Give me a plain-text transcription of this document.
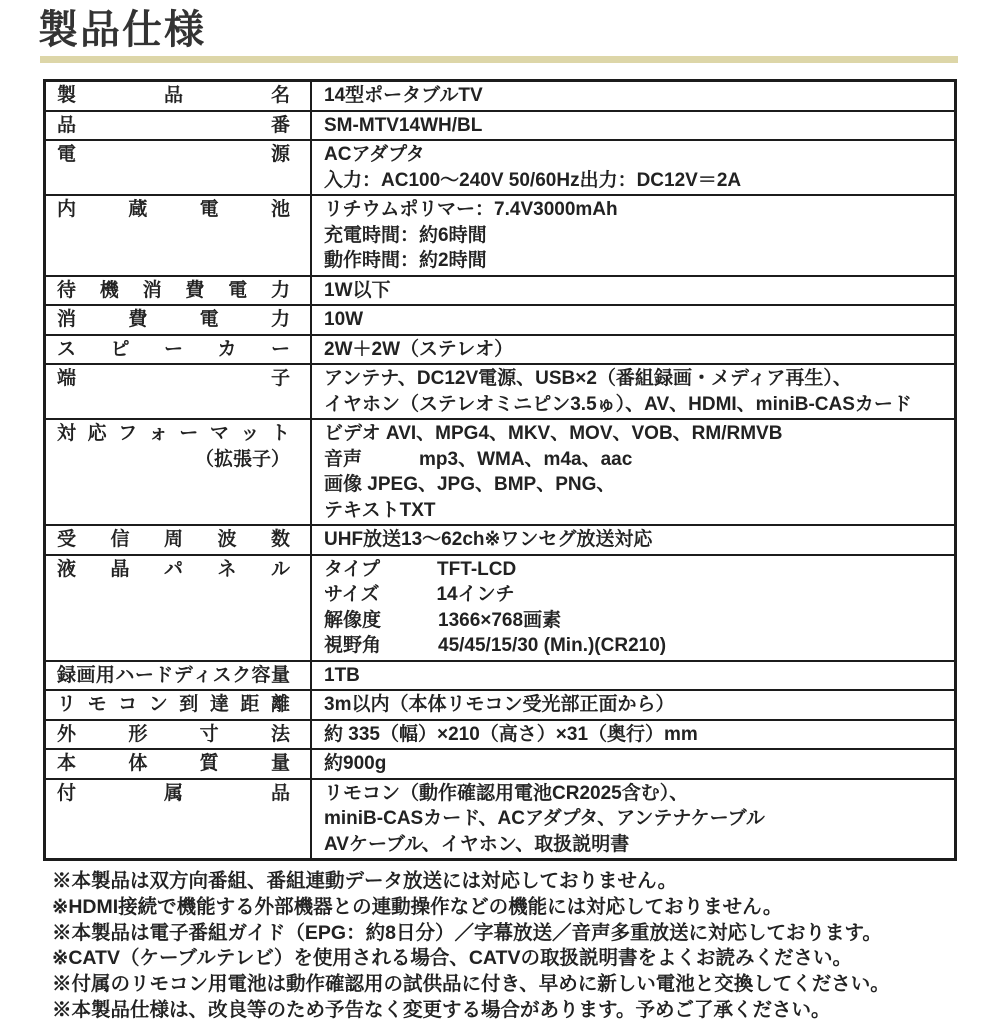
製品仕様
製	品	名 14型ポータブルTV
品	番 SM-MTV14WH/BL
電	源 ACアダプタ
入力：AC100～240V 50/60Hz出力：DC12V＝2A
内	蔵	電	池 リチウムポリマー：7.4V3000mAh
充電時間：約6時間
動作時間：約2時間
待 機 消 費 電 力 1W以下
消	費	電	力 10W
ス ピ ー カ ー 2W＋2W（ステレオ）
端	子 アンテナ、DC12V電源、USB×2（番組録画・メディア再生）、
イヤホン（ステレオミニピン3.5ゅ）、AV、HDMI、miniB-CASカード
対 応 フ ォ ー マ ッ ト
（拡張子）
ビデオ AVI、MPG4、MKV、MOV、VOB、RM/RMVB
音声　　　mp3、WMA、m4a、aac
画像 JPEG、JPG、BMP、PNG、
テキストTXT
受 信 周 波 数 UHF放送13～62ch※ワンセグ放送対応
液 晶 パ ネ ル タイプ　　　TFT-LCD
サイズ　　　14インチ
解像度　　　1366×768画素
視野角　　　45/45/15/30 (Min.)(CR210)
録 画 用 ハ ー ド デ ィ ス ク 容 量 1TB
リ モ コ ン 到 達 距 離 3m以内（本体リモコン受光部正面から）
外	形	寸	法 約 335（幅）×210（高さ）×31（奥行）mm
本	体	質	量 約900g
付	属	品 リモコン（動作確認用電池CR2025含む）、
miniB-CASカード、ACアダプタ、アンテナケーブル
AVケーブル、イヤホン、取扱説明書
※本製品は双方向番組、番組連動データ放送には対応しておりません。
※HDMI接続で機能する外部機器との連動操作などの機能には対応しておりません。
※本製品は電子番組ガイド（EPG：約8日分）／字幕放送／音声多重放送に対応しております。
※CATV（ケーブルテレビ）を使用される場合、CATVの取扱説明書をよくお読みください。
※付属のリモコン用電池は動作確認用の試供品に付き、早めに新しい電池と交換してください。
※本製品仕様は、改良等のため予告なく変更する場合があります。予めご了承ください。
